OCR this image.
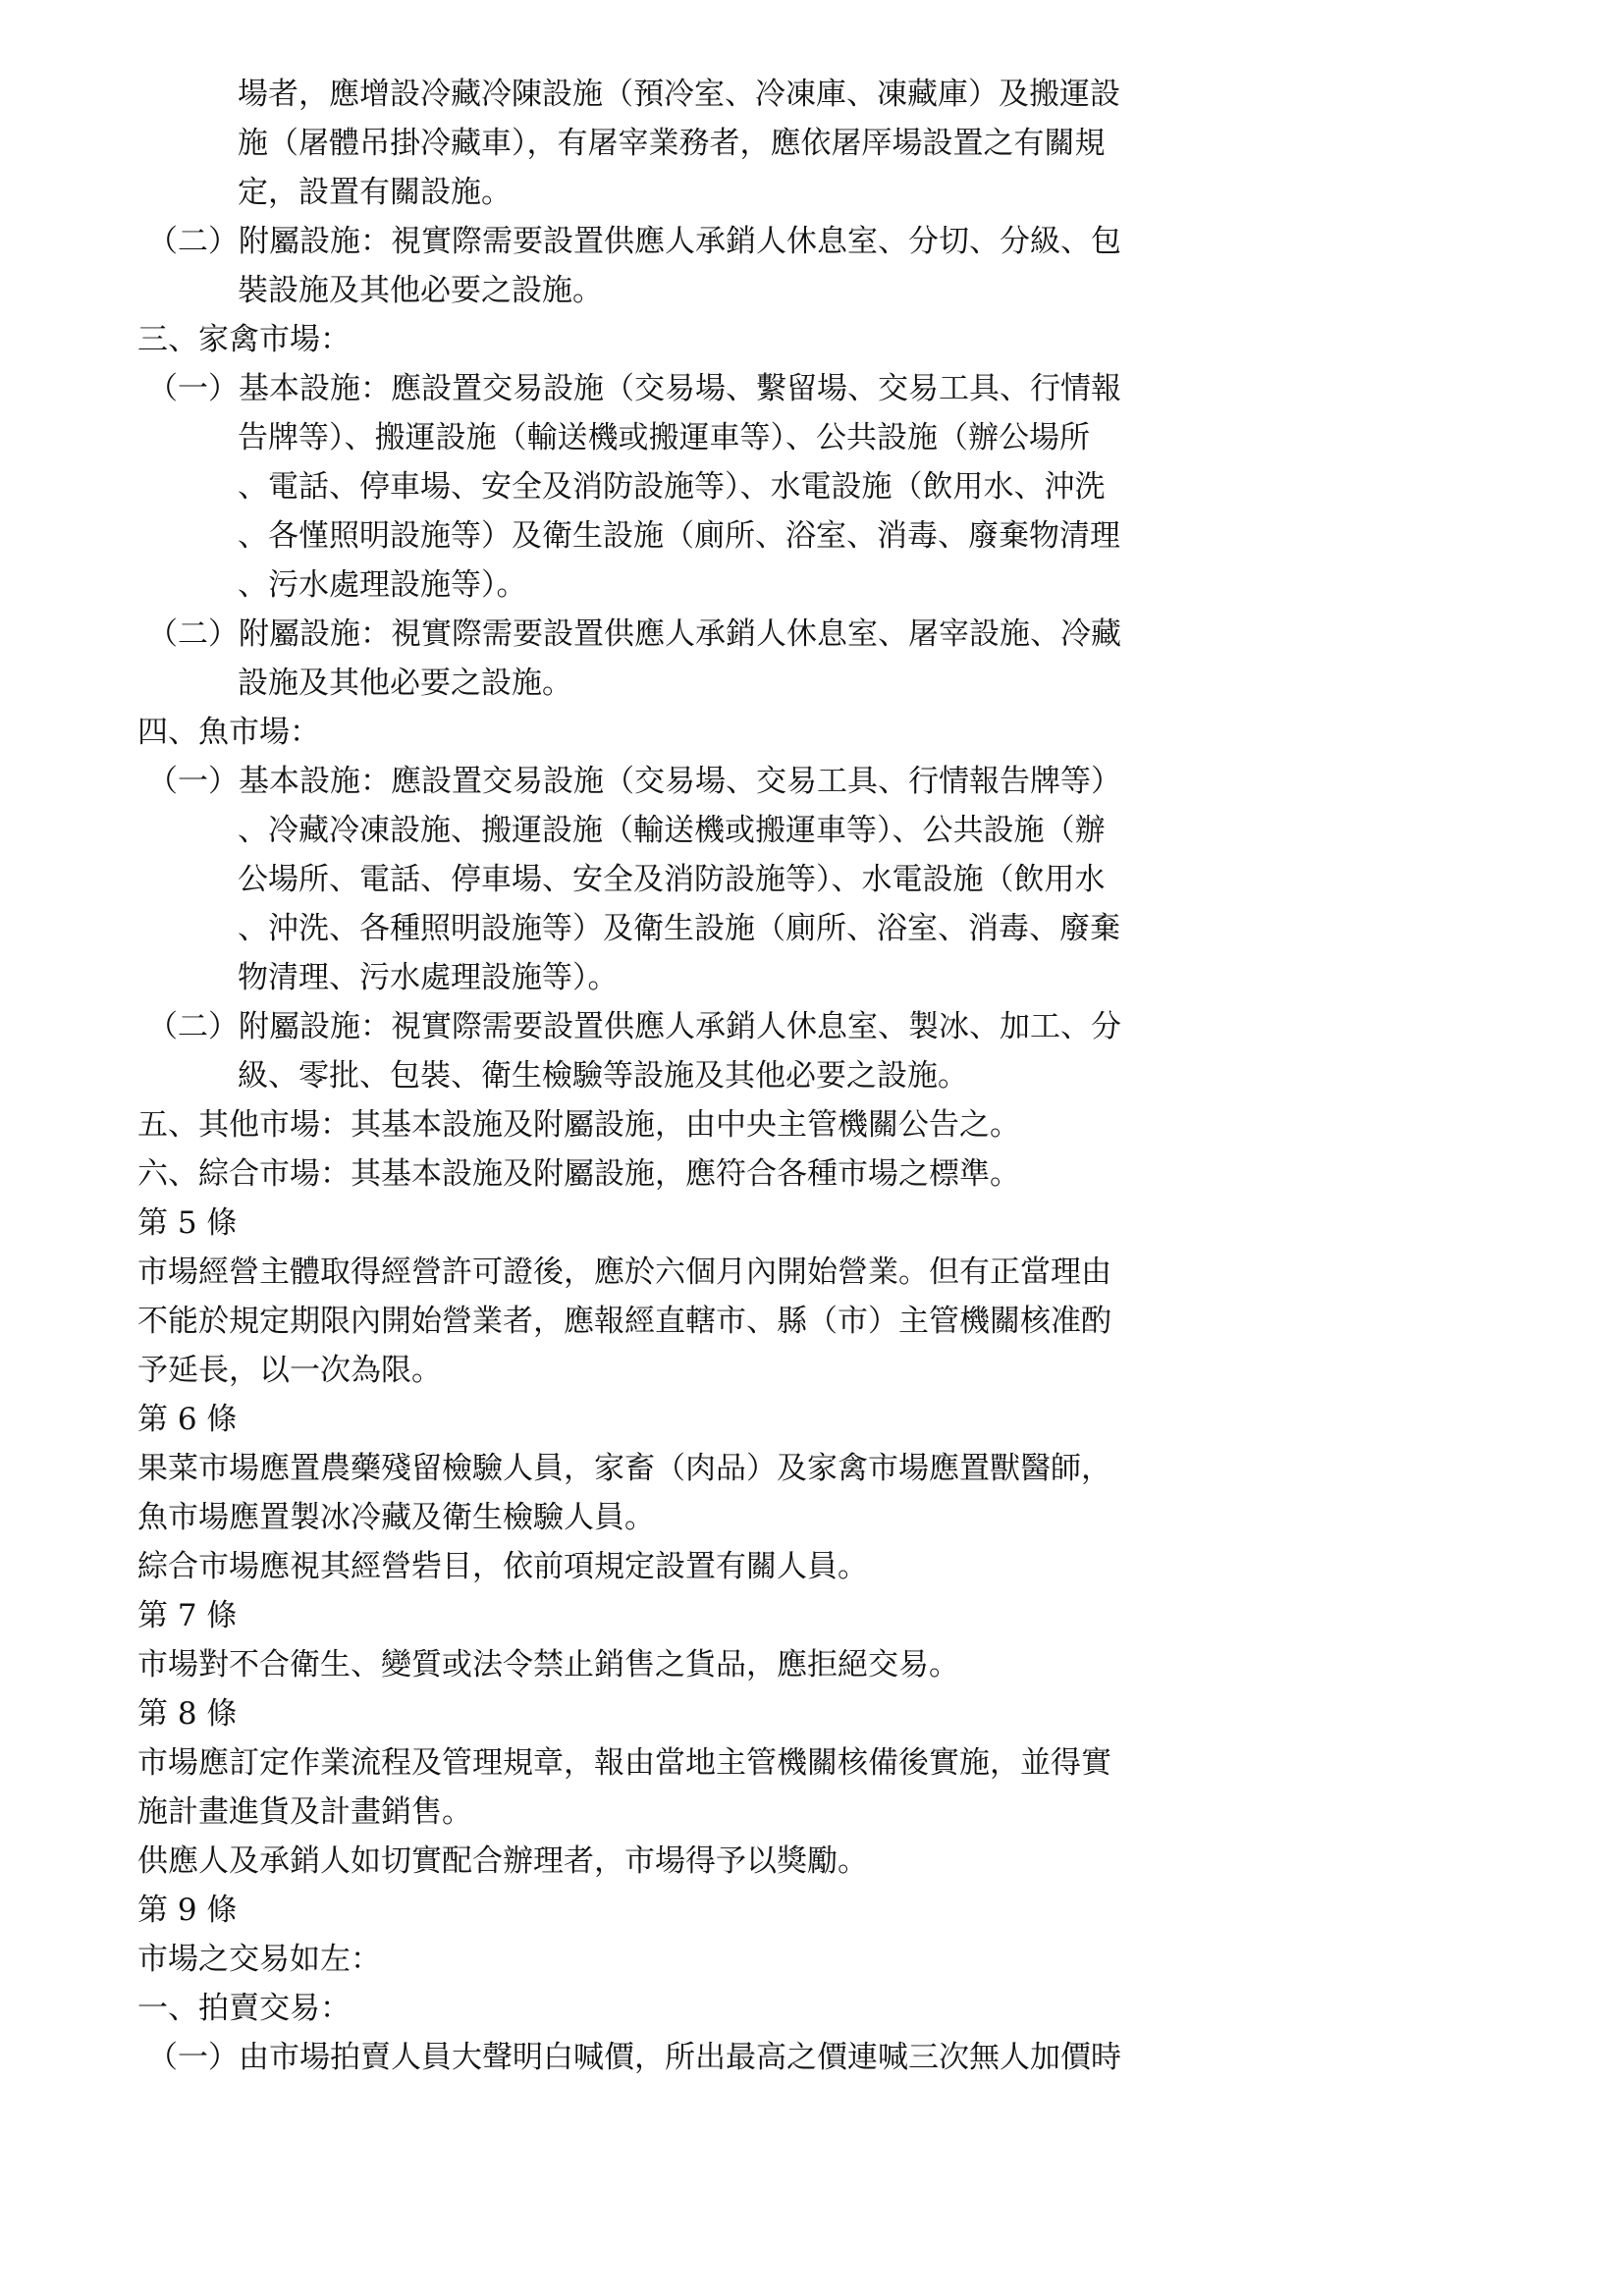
場者，應增設冷藏冷陳設施（預冷室、冷凍庫、凍藏庫）及搬運設
施（屠體吊掛冷藏車），有屠宰業務者，應依屠厗場設置之有關規
定，設置有關設施。
（二）附屬設施：視實際需要設置供應人承銷人休息室、分切、分級、包
裝設施及其他必要之設施。
三、家禽市場：
（一）基本設施：應設置交易設施（交易場、繫留場、交易工具、行情報
告牌等）、搬運設施（輸送機或搬運車等）、公共設施（辦公場所
、電話、停車場、安全及消防設施等）、水電設施（飲用水、沖洗
、各慬照明設施等）及衛生設施（廁所、浴室、消毒、廢棄物清理
、污水處理設施等）。
（二）附屬設施：視實際需要設置供應人承銷人休息室、屠宰設施、冷藏
設施及其他必要之設施。
四、魚市場：
（一）基本設施：應設置交易設施（交易場、交易工具、行情報告牌等）
、冷藏冷凍設施、搬運設施（輸送機或搬運車等）、公共設施（辦
公場所、電話、停車場、安全及消防設施等）、水電設施（飲用水
、沖洗、各種照明設施等）及衛生設施（廁所、浴室、消毒、廢棄
物清理、污水處理設施等）。
（二）附屬設施：視實際需要設置供應人承銷人休息室、製冰、加工、分
級、零批、包裝、衛生檢驗等設施及其他必要之設施。
五、其他市場：其基本設施及附屬設施，由中央主管機關公告之。
六、綜合市場：其基本設施及附屬設施，應符合各種市場之標準。
第 5 條
市場經營主體取得經營許可證後，應於六個月內開始營業。但有正當理由
不能於規定期限內開始營業者，應報經直轄市、縣（市）主管機關核准酌
予延長，以一次為限。
第 6 條
果菜市場應置農藥殘留檢驗人員，家畜（肉品）及家禽市場應置獸醫師，
魚市場應置製冰冷藏及衛生檢驗人員。
綜合市場應視其經營砦目，依前項規定設置有關人員。
第 7 條
市場對不合衛生、變質或法令禁止銷售之貨品，應拒絕交易。
第 8 條
市場應訂定作業流程及管理規章，報由當地主管機關核備後實施，並得實
施計畫進貨及計畫銷售。
供應人及承銷人如切實配合辦理者，市場得予以獎勵。
第 9 條
市場之交易如左：
一、拍賣交易：
（一）由市場拍賣人員大聲明白喊價，所出最高之價連喊三次無人加價時
